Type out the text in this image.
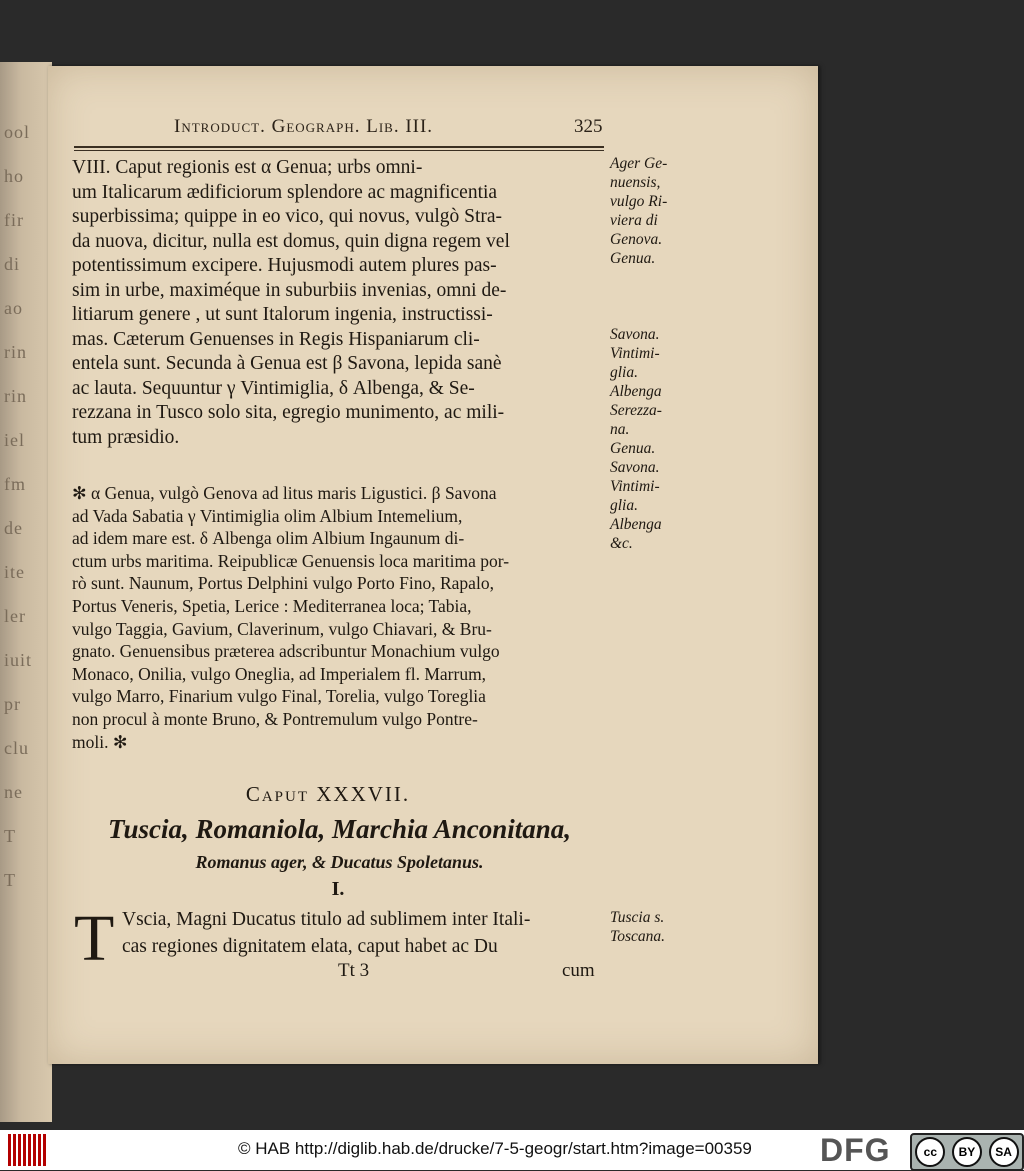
ool
ho
fir
di
ao
rin
rin
iel
fm
de
ite
ler
iuit
pr
clu
ne
T
T
Introduct. Geograph. Lib. III.	325
VIII. Caput regionis est α Genua; urbs omni-
um Italicarum ædificiorum splendore ac magnificentia
superbissima; quippe in eo vico, qui novus, vulgò Stra-
da nuova, dicitur, nulla est domus, quin digna regem vel
potentissimum excipere. Hujusmodi autem plures pas-
sim in urbe, maximéque in suburbiis invenias, omni de-
litiarum genere , ut sunt Italorum ingenia, instructissi-
mas. Cæterum Genuenses in Regis Hispaniarum cli-
entela sunt. Secunda à Genua est β Savona, lepida sanè
ac lauta. Sequuntur γ Vintimiglia, δ Albenga, & Se-
rezzana in Tusco solo sita, egregio munimento, ac mili-
tum præsidio.
✻ α Genua, vulgò Genova ad litus maris Ligustici. β Savona
ad Vada Sabatia γ Vintimiglia olim Albium Intemelium,
ad idem mare est. δ Albenga olim Albium Ingaunum di-
ctum urbs maritima. Reipublicæ Genuensis loca maritima por-
rò sunt. Naunum, Portus Delphini vulgo Porto Fino, Rapalo,
Portus Veneris, Spetia, Lerice : Mediterranea loca; Tabia,
vulgo Taggia, Gavium, Claverinum, vulgo Chiavari, & Bru-
gnato. Genuensibus præterea adscribuntur Monachium vulgo
Monaco, Onilia, vulgo Oneglia, ad Imperialem fl. Marrum,
vulgo Marro, Finarium vulgo Final, Torelia, vulgo Toreglia
non procul à monte Bruno, & Pontremulum vulgo Pontre-
moli. ✻
Ager Ge-
nuensis,
vulgo Ri-
viera di
Genova.
Genua.
Savona.
Vintimi-
glia.
Albenga
Serezza-
na.
Genua.
Savona.
Vintimi-
glia.
Albenga
&c.
Caput XXXVII.
Tuscia, Romaniola, Marchia Anconitana,
Romanus ager, & Ducatus Spoletanus.
I.
T Vscia, Magni Ducatus titulo ad sublimem inter Itali-
cas regiones dignitatem elata, caput habet ac Du
Tuscia s.
Toscana.
Tt 3	cum
© HAB http://diglib.hab.de/drucke/7-5-geogr/start.htm?image=00359 DFG	cc	BY	SA
